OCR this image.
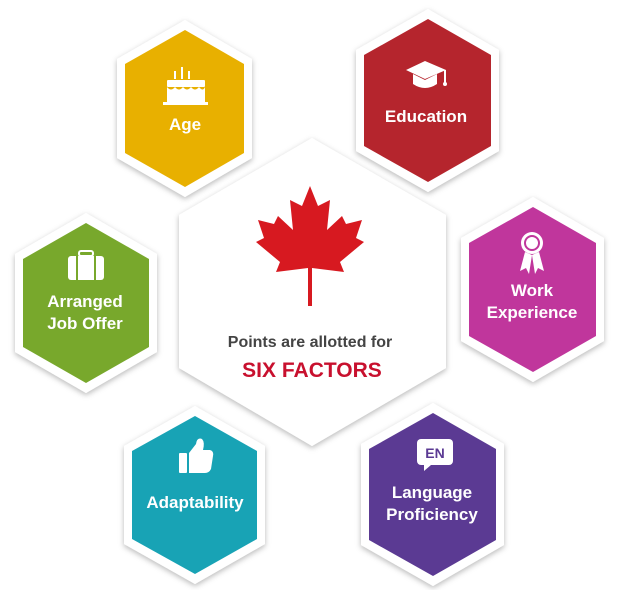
Points are allotted for
SIX FACTORS
Age	Education
Work
Experience
EN
Language
Proficiency
Adaptability
Arranged
Job Offer
